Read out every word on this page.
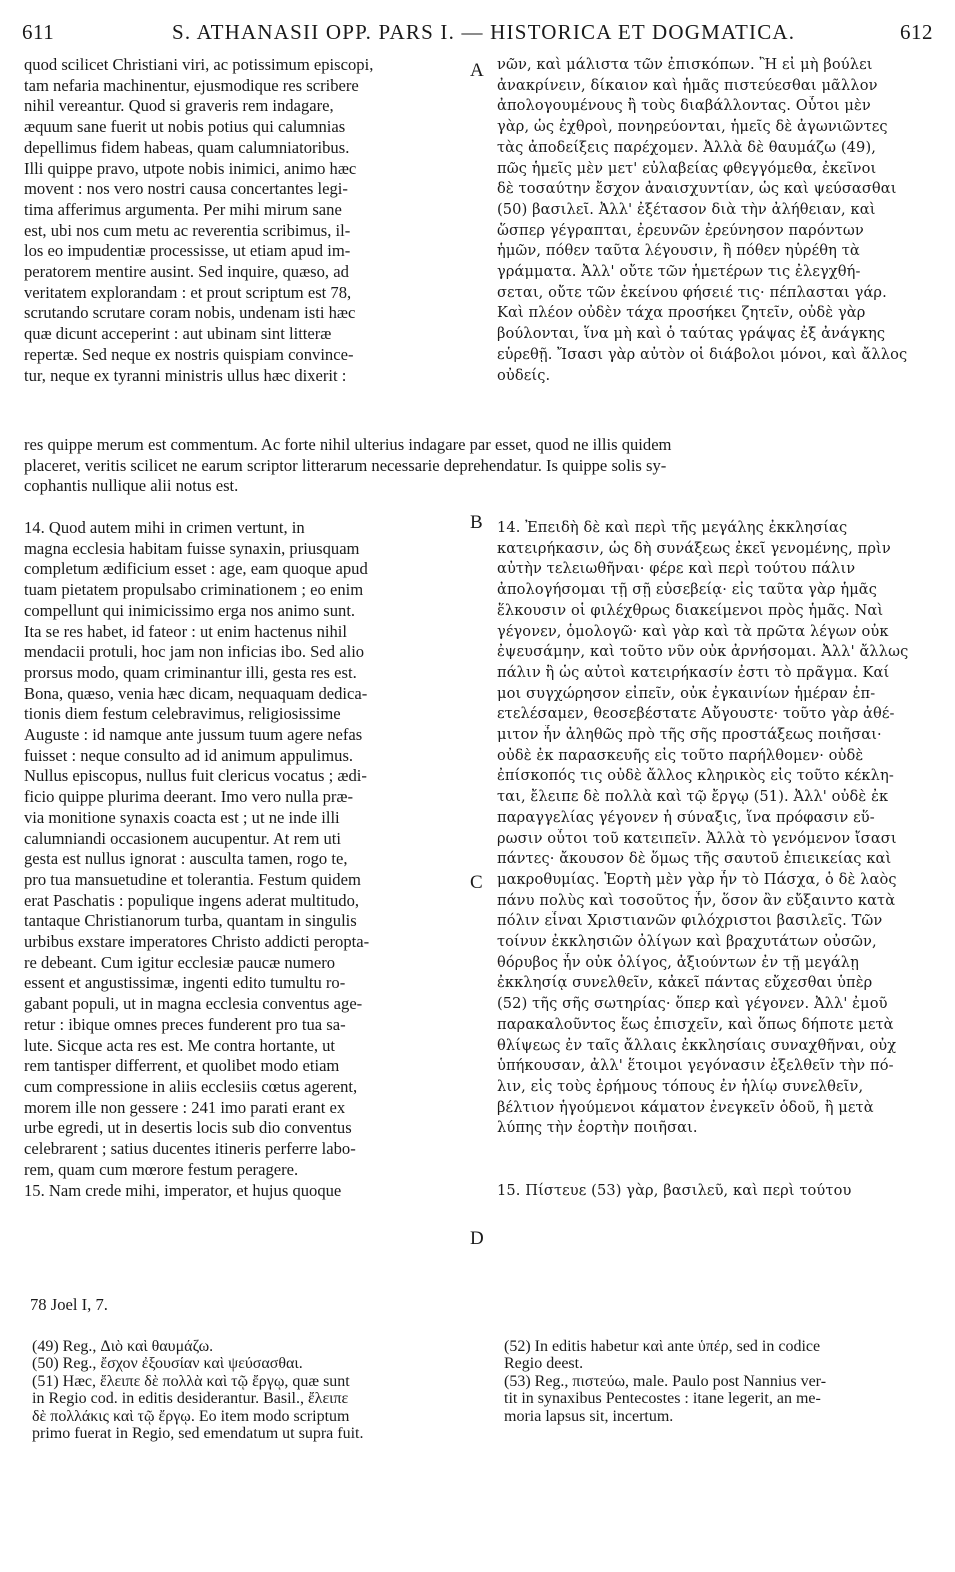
611	S. ATHANASII OPP. PARS I. — HISTORICA ET DOGMATICA.	612
quod scilicet Christiani viri, ac potissimum episcopi,
tam nefaria machinentur, ejusmodique res scribere
nihil vereantur. Quod si graveris rem indagare,
æquum sane fuerit ut nobis potius qui calumnias
depellimus fidem habeas, quam calumniatoribus.
Illi quippe pravo, utpote nobis inimici, animo hæc
movent : nos vero nostri causa concertantes legi-
tima afferimus argumenta. Per mihi mirum sane
est, ubi nos cum metu ac reverentia scribimus, il-
los eo impudentiæ processisse, ut etiam apud im-
peratorem mentire ausint. Sed inquire, quæso, ad
veritatem explorandam : et prout scriptum est 78,
scrutando scrutare coram nobis, undenam isti hæc
quæ dicunt acceperint : aut ubinam sint litteræ
repertæ. Sed neque ex nostris quispiam convince-
tur, neque ex tyranni ministris ullus hæc dixerit :
νῶν, καὶ μάλιστα τῶν ἐπισκόπων. Ἢ εἰ μὴ βούλει
ἀνακρίνειν, δίκαιον καὶ ἡμᾶς πιστεύεσθαι μᾶλλον
ἀπολογουμένους ἢ τοὺς διαβάλλοντας. Οὗτοι μὲν
γὰρ, ὡς ἐχθροὶ, πονηρεύονται, ἡμεῖς δὲ ἀγωνιῶντες
τὰς ἀποδείξεις παρέχομεν. Ἀλλὰ δὲ θαυμάζω (49),
πῶς ἡμεῖς μὲν μετ' εὐλαβείας φθεγγόμεθα, ἐκεῖνοι
δὲ τοσαύτην ἔσχον ἀναισχυντίαν, ὡς καὶ ψεύσασθαι
(50) βασιλεῖ. Ἀλλ' ἐξέτασον διὰ τὴν ἀλήθειαν, καὶ
ὥσπερ γέγραπται, ἐρευνῶν ἐρεύνησον παρόντων
ἡμῶν, πόθεν ταῦτα λέγουσιν, ἢ πόθεν ηὑρέθη τὰ
γράμματα. Ἀλλ' οὔτε τῶν ἡμετέρων τις ἐλεγχθή-
σεται, οὔτε τῶν ἐκείνου φήσειέ τις· πέπλασται γάρ.
Καὶ πλέον οὐδὲν τάχα προσήκει ζητεῖν, οὐδὲ γὰρ
βούλονται, ἵνα μὴ καὶ ὁ ταύτας γράψας ἐξ ἀνάγκης
εὑρεθῇ. Ἴσασι γὰρ αὐτὸν οἱ διάβολοι μόνοι, καὶ ἄλλος
οὐδείς.
res quippe merum est commentum. Ac forte nihil ulterius indagare par esset, quod ne illis quidem
placeret, veritis scilicet ne earum scriptor litterarum necessarie deprehendatur. Is quippe solis sy-
cophantis nullique alii notus est.
14. Quod autem mihi in crimen vertunt, in
magna ecclesia habitam fuisse synaxin, priusquam
completum ædificium esset : age, eam quoque apud
tuam pietatem propulsabo criminationem ; eo enim
compellunt qui inimicissimo erga nos animo sunt.
Ita se res habet, id fateor : ut enim hactenus nihil
mendacii protuli, hoc jam non inficias ibo. Sed alio
prorsus modo, quam criminantur illi, gesta res est.
Bona, quæso, venia hæc dicam, nequaquam dedica-
tionis diem festum celebravimus, religiosissime
Auguste : id namque ante jussum tuum agere nefas
fuisset : neque consulto ad id animum appulimus.
Nullus episcopus, nullus fuit clericus vocatus ; ædi-
ficio quippe plurima deerant. Imo vero nulla præ-
via monitione synaxis coacta est ; ut ne inde illi
calumniandi occasionem aucupentur. At rem uti
gesta est nullus ignorat : ausculta tamen, rogo te,
pro tua mansuetudine et tolerantia. Festum quidem
erat Paschatis : populique ingens aderat multitudo,
tantaque Christianorum turba, quantam in singulis
urbibus exstare imperatores Christo addicti peropta-
re debeant. Cum igitur ecclesiæ paucæ numero
essent et angustissimæ, ingenti edito tumultu ro-
gabant populi, ut in magna ecclesia conventus age-
retur : ibique omnes preces funderent pro tua sa-
lute. Sicque acta res est. Me contra hortante, ut
rem tantisper differrent, et quolibet modo etiam
cum compressione in aliis ecclesiis cœtus agerent,
morem ille non gessere : 241 imo parati erant ex
urbe egredi, ut in desertis locis sub dio conventus
celebrarent ; satius ducentes itineris perferre labo-
rem, quam cum mœrore festum peragere.
15. Nam crede mihi, imperator, et hujus quoque
14. Ἐπειδὴ δὲ καὶ περὶ τῆς μεγάλης ἐκκλησίας
κατειρήκασιν, ὡς δὴ συνάξεως ἐκεῖ γενομένης, πρὶν
αὐτὴν τελειωθῆναι· φέρε καὶ περὶ τούτου πάλιν
ἀπολογήσομαι τῇ σῇ εὐσεβείᾳ· εἰς ταῦτα γὰρ ἡμᾶς
ἕλκουσιν οἱ φιλέχθρως διακείμενοι πρὸς ἡμᾶς. Ναὶ
γέγονεν, ὁμολογῶ· καὶ γὰρ καὶ τὰ πρῶτα λέγων οὐκ
ἐψευσάμην, καὶ τοῦτο νῦν οὐκ ἀρνήσομαι. Ἀλλ' ἄλλως
πάλιν ἢ ὡς αὐτοὶ κατειρήκασίν ἐστι τὸ πρᾶγμα. Καί
μοι συγχώρησον εἰπεῖν, οὐκ ἐγκαινίων ἡμέραν ἐπ-
ετελέσαμεν, θεοσεβέστατε Αὔγουστε· τοῦτο γὰρ ἀθέ-
μιτον ἦν ἀληθῶς πρὸ τῆς σῆς προστάξεως ποιῆσαι·
οὐδὲ ἐκ παρασκευῆς εἰς τοῦτο παρήλθομεν· οὐδὲ
ἐπίσκοπός τις οὐδὲ ἄλλος κληρικὸς εἰς τοῦτο κέκλη-
ται, ἔλειπε δὲ πολλὰ καὶ τῷ ἔργῳ (51). Ἀλλ' οὐδὲ ἐκ
παραγγελίας γέγονεν ἡ σύναξις, ἵνα πρόφασιν εὕ-
ρωσιν οὗτοι τοῦ κατειπεῖν. Ἀλλὰ τὸ γενόμενον ἴσασι
πάντες· ἄκουσον δὲ ὅμως τῆς σαυτοῦ ἐπιεικείας καὶ
μακροθυμίας. Ἑορτὴ μὲν γὰρ ἦν τὸ Πάσχα, ὁ δὲ λαὸς
πάνυ πολὺς καὶ τοσοῦτος ἦν, ὅσον ἂν εὔξαιντο κατὰ
πόλιν εἶναι Χριστιανῶν φιλόχριστοι βασιλεῖς. Τῶν
τοίνυν ἐκκλησιῶν ὀλίγων καὶ βραχυτάτων οὐσῶν,
θόρυβος ἦν οὐκ ὀλίγος, ἀξιούντων ἐν τῇ μεγάλῃ
ἐκκλησίᾳ συνελθεῖν, κἀκεῖ πάντας εὔχεσθαι ὑπὲρ
(52) τῆς σῆς σωτηρίας· ὅπερ καὶ γέγονεν. Ἀλλ' ἐμοῦ
παρακαλοῦντος ἕως ἐπισχεῖν, καὶ ὅπως δήποτε μετὰ
θλίψεως ἐν ταῖς ἄλλαις ἐκκλησίαις συναχθῆναι, οὐχ
ὑπήκουσαν, ἀλλ' ἕτοιμοι γεγόνασιν ἐξελθεῖν τὴν πό-
λιν, εἰς τοὺς ἐρήμους τόπους ἐν ἡλίῳ συνελθεῖν,
βέλτιον ἡγούμενοι κάματον ἐνεγκεῖν ὁδοῦ, ἢ μετὰ
λύπης τὴν ἑορτὴν ποιῆσαι.

15. Πίστευε (53) γὰρ, βασιλεῦ, καὶ περὶ τούτου
A
B
C
D
78 Joel I, 7.
(49) Reg., Διὸ καὶ θαυμάζω.
(50) Reg., ἔσχον ἐξουσίαν καὶ ψεύσασθαι.
(51) Hæc, ἔλειπε δὲ πολλὰ καὶ τῷ ἔργῳ, quæ sunt
in Regio cod. in editis desiderantur. Basil., ἔλειπε
δὲ πολλάκις καὶ τῷ ἔργῳ. Eo item modo scriptum
primo fuerat in Regio, sed emendatum ut supra fuit.
(52) In editis habetur καὶ ante ὑπέρ, sed in codice
Regio deest.
(53) Reg., πιστεύω, male. Paulo post Nannius ver-
tit in synaxibus Pentecostes : itane legerit, an me-
moria lapsus sit, incertum.
